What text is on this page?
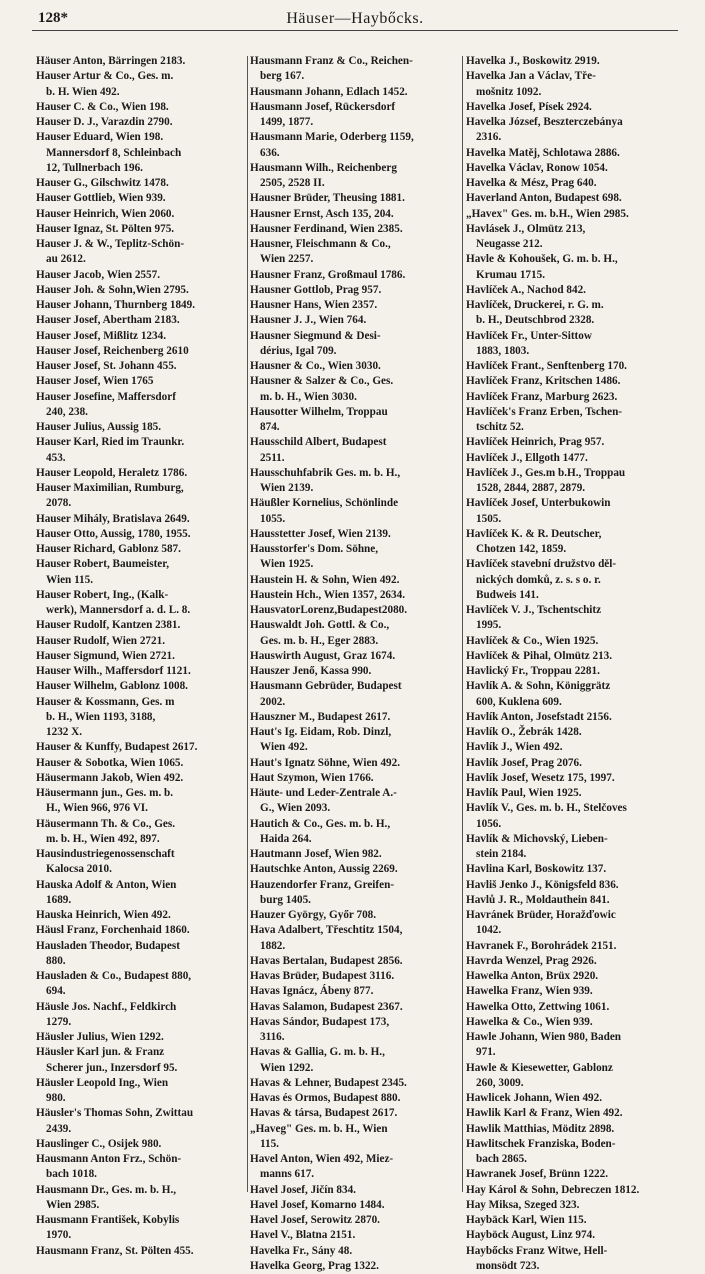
128*	Häuser—Haybőcks.
Häuser Anton, Bärringen 2183.
Hauser Artur & Co., Ges. m.
b. H. Wien 492.
Hauser C. & Co., Wien 198.
Hauser D. J., Varazdin 2790.
Hauser Eduard, Wien 198.
Mannersdorf 8, Schleinbach
12, Tullnerbach 196.
Hauser G., Gilschwitz 1478.
Hauser Gottlieb, Wien 939.
Hauser Heinrich, Wien 2060.
Hauser Ignaz, St. Pölten 975.
Hauser J. & W., Teplitz-Schön-
au 2612.
Hauser Jacob, Wien 2557.
Hauser Joh. & Sohn,Wien 2795.
Hauser Johann, Thurnberg 1849.
Hauser Josef, Abertham 2183.
Hauser Josef, Mißlitz 1234.
Hauser Josef, Reichenberg 2610
Hauser Josef, St. Johann 455.
Hauser Josef, Wien 1765
Hauser Josefine, Maffersdorf
240, 238.
Hauser Julius, Aussig 185.
Hauser Karl, Ried im Traunkr.
453.
Hauser Leopold, Heraletz 1786.
Hauser Maximilian, Rumburg,
2078.
Hauser Mihály, Bratislava 2649.
Hauser Otto, Aussig, 1780, 1955.
Hauser Richard, Gablonz 587.
Hauser Robert, Baumeister,
Wien 115.
Hauser Robert, Ing., (Kalk-
werk), Mannersdorf a. d. L. 8.
Hauser Rudolf, Kantzen 2381.
Hauser Rudolf, Wien 2721.
Hauser Sigmund, Wien 2721.
Hauser Wilh., Maffersdorf 1121.
Hauser Wilhelm, Gablonz 1008.
Hauser & Kossmann, Ges. m
b. H., Wien 1193, 3188,
1232 X.
Hauser & Kunffy, Budapest 2617.
Hauser & Sobotka, Wien 1065.
Häusermann Jakob, Wien 492.
Häusermann jun., Ges. m. b.
H., Wien 966, 976 VI.
Häusermann Th. & Co., Ges.
m. b. H., Wien 492, 897.
Hausindustriegenossenschaft
Kalocsa 2010.
Hauska Adolf & Anton, Wien
1689.
Hauska Heinrich, Wien 492.
Häusl Franz, Forchenhaid 1860.
Hausladen Theodor, Budapest
880.
Hausladen & Co., Budapest 880,
694.
Häusle Jos. Nachf., Feldkirch
1279.
Häusler Julius, Wien 1292.
Häusler Karl jun. & Franz
Scherer jun., Inzersdorf 95.
Häusler Leopold Ing., Wien
980.
Häusler's Thomas Sohn, Zwittau
2439.
Hauslinger C., Osijek 980.
Hausmann Anton Frz., Schön-
bach 1018.
Hausmann Dr., Ges. m. b. H.,
Wien 2985.
Hausmann František, Kobylis
1970.
Hausmann Franz, St. Pölten 455.
Hausmann Franz & Co., Reichen-
berg 167.
Hausmann Johann, Edlach 1452.
Hausmann Josef, Rückersdorf
1499, 1877.
Hausmann Marie, Oderberg 1159,
636.
Hausmann Wilh., Reichenberg
2505, 2528 II.
Hausner Brüder, Theusing 1881.
Hausner Ernst, Asch 135, 204.
Hausner Ferdinand, Wien 2385.
Hausner, Fleischmann & Co.,
Wien 2257.
Hausner Franz, Großmaul 1786.
Hausner Gottlob, Prag 957.
Hausner Hans, Wien 2357.
Hausner J. J., Wien 764.
Hausner Siegmund & Desi-
dérius, Igal 709.
Hausner & Co., Wien 3030.
Hausner & Salzer & Co., Ges.
m. b. H., Wien 3030.
Hausotter Wilhelm, Troppau
874.
Hausschild Albert, Budapest
2511.
Hausschuhfabrik Ges. m. b. H.,
Wien 2139.
Häußler Kornelius, Schönlinde
1055.
Hausstetter Josef, Wien 2139.
Hausstorfer's Dom. Söhne,
Wien 1925.
Haustein H. & Sohn, Wien 492.
Haustein Hch., Wien 1357, 2634.
HausvatorLorenz,Budapest2080.
Hauswaldt Joh. Gottl. & Co.,
Ges. m. b. H., Eger 2883.
Hauswirth August, Graz 1674.
Hauszer Jenő, Kassa 990.
Hausmann Gebrüder, Budapest
2002.
Hauszner M., Budapest 2617.
Haut's Ig. Eidam, Rob. Dinzl,
Wien 492.
Haut's Ignatz Söhne, Wien 492.
Haut Szymon, Wien 1766.
Häute- und Leder-Zentrale A.-
G., Wien 2093.
Hautich & Co., Ges. m. b. H.,
Haida 264.
Hautmann Josef, Wien 982.
Hautschke Anton, Aussig 2269.
Hauzendorfer Franz, Greifen-
burg 1405.
Hauzer György, Győr 708.
Hava Adalbert, Třeschtitz 1504,
1882.
Havas Bertalan, Budapest 2856.
Havas Brüder, Budapest 3116.
Havas Ignácz, Ábeny 877.
Havas Salamon, Budapest 2367.
Havas Sándor, Budapest 173,
3116.
Havas & Gallia, G. m. b. H.,
Wien 1292.
Havas & Lehner, Budapest 2345.
Havas és Ormos, Budapest 880.
Havas & társa, Budapest 2617.
„Haveg" Ges. m. b. H., Wien
115.
Havel Anton, Wien 492, Miez-
manns 617.
Havel Josef, Jičín 834.
Havel Josef, Komarno 1484.
Havel Josef, Serowitz 2870.
Havel V., Blatna 2151.
Havelka Fr., Sány 48.
Havelka Georg, Prag 1322.
Havelka J., Boskowitz 2919.
Havelka Jan a Václav, Tře-
mošnitz 1092.
Havelka Josef, Písek 2924.
Havelka József, Beszterczebánya
2316.
Havelka Matěj, Schlotawa 2886.
Havelka Václav, Ronow 1054.
Havelka & Mész, Prag 640.
Haverland Anton, Budapest 698.
„Havex" Ges. m. b.H., Wien 2985.
Havlásek J., Olmütz 213,
Neugasse 212.
Havle & Kohoušek, G. m. b. H.,
Krumau 1715.
Havlíček A., Nachod 842.
Havlíček, Druckerei, r. G. m.
b. H., Deutschbrod 2328.
Havlíček Fr., Unter-Sittow
1883, 1803.
Havlíček Frant., Senftenberg 170.
Havlíček Franz, Kritschen 1486.
Havlíček Franz, Marburg 2623.
Havlíček's Franz Erben, Tschen-
tschitz 52.
Havlíček Heinrich, Prag 957.
Havlíček J., Ellgoth 1477.
Havlíček J., Ges.m b.H., Troppau
1528, 2844, 2887, 2879.
Havlíček Josef, Unterbukowin
1505.
Havlíček K. & R. Deutscher,
Chotzen 142, 1859.
Havlíček stavební družstvo děl-
nických domků, z. s. s o. r.
Budweis 141.
Havlíček V. J., Tschentschitz
1995.
Havlíček & Co., Wien 1925.
Havlíček & Pihal, Olmütz 213.
Havlický Fr., Troppau 2281.
Havlík A. & Sohn, Königgrätz
600, Kuklena 609.
Havlík Anton, Josefstadt 2156.
Havlík O., Žebrák 1428.
Havlík J., Wien 492.
Havlík Josef, Prag 2076.
Havlík Josef, Wesetz 175, 1997.
Havlík Paul, Wien 1925.
Havlík V., Ges. m. b. H., Stelčoves
1056.
Havlík & Michovský, Lieben-
stein 2184.
Havlina Karl, Boskowitz 137.
Havliš Jenko J., Königsfeld 836.
Havlů J. R., Moldauthein 841.
Havránek Brüder, Horažďowic
1042.
Havranek F., Borohrádek 2151.
Havrda Wenzel, Prag 2926.
Hawelka Anton, Brüx 2920.
Hawelka Franz, Wien 939.
Hawelka Otto, Zettwing 1061.
Hawelka & Co., Wien 939.
Hawle Johann, Wien 980, Baden
971.
Hawle & Kiesewetter, Gablonz
260, 3009.
Hawlicek Johann, Wien 492.
Hawlik Karl & Franz, Wien 492.
Hawlik Matthias, Möditz 2898.
Hawlitschek Franziska, Boden-
bach 2865.
Hawranek Josef, Brünn 1222.
Hay Károl & Sohn, Debreczen 1812.
Hay Miksa, Szeged 323.
Haybäck Karl, Wien 115.
Hayböck August, Linz 974.
Haybőcks Franz Witwe, Hell-
monsödt 723.
